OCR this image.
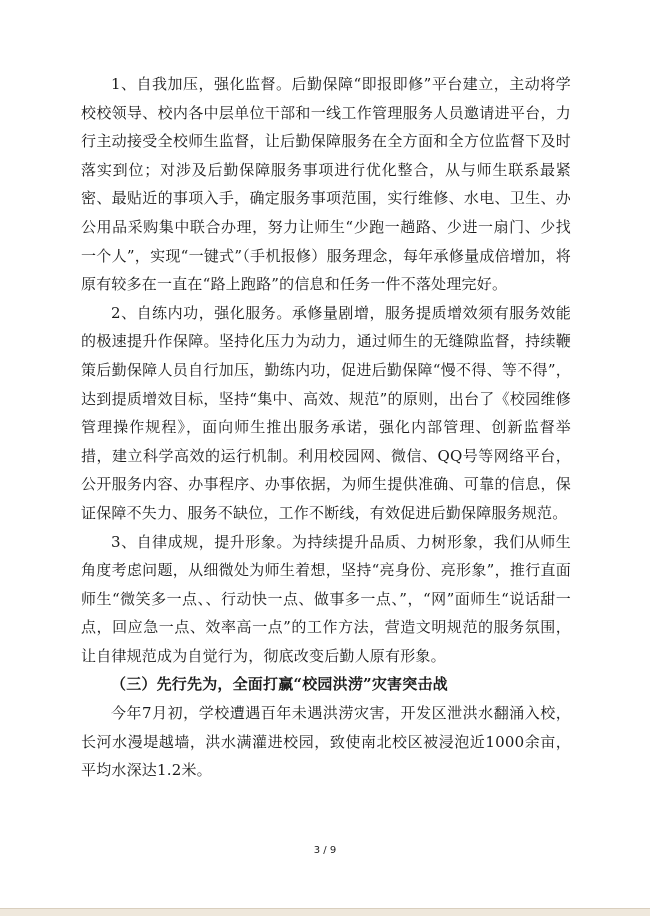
1、自我加压，强化监督。后勤保障“即报即修”平台建立，主动将学校校领导、校内各中层单位干部和一线工作管理服务人员邀请进平台，力行主动接受全校师生监督，让后勤保障服务在全方面和全方位监督下及时落实到位；对涉及后勤保障服务事项进行优化整合，从与师生联系最紧密、最贴近的事项入手，确定服务事项范围，实行维修、水电、卫生、办公用品采购集中联合办理，努力让师生“少跑一趟路、少进一扇门、少找一个人”，实现“一键式”（手机报修）服务理念，每年承修量成倍增加，将原有较多在一直在“路上跑路”的信息和任务一件不落处理完好。

2、自练内功，强化服务。承修量剧增，服务提质增效须有服务效能的极速提升作保障。坚持化压力为动力，通过师生的无缝隙监督，持续鞭策后勤保障人员自行加压，勤练内功，促进后勤保障“慢不得、等不得”，达到提质增效目标，坚持“集中、高效、规范”的原则，出台了《校园维修管理操作规程》，面向师生推出服务承诺，强化内部管理、创新监督举措，建立科学高效的运行机制。利用校园网、微信、QQ号等网络平台，公开服务内容、办事程序、办事依据，为师生提供准确、可靠的信息，保证保障不失力、服务不缺位，工作不断线，有效促进后勤保障服务规范。

3、自律成规，提升形象。为持续提升品质、力树形象，我们从师生角度考虑问题，从细微处为师生着想，坚持“亮身份、亮形象”，推行直面师生“微笑多一点、、行动快一点、做事多一点、”，“网”面师生“说话甜一点，回应急一点、效率高一点”的工作方法，营造文明规范的服务氛围，让自律规范成为自觉行为，彻底改变后勤人原有形象。

（三）先行先为，全面打赢“校园洪涝”灾害突击战

今年7月初，学校遭遇百年未遇洪涝灾害，开发区泄洪水翻涌入校，长河水漫堤越墙，洪水满灌进校园，致使南北校区被浸泡近1000余亩，平均水深达1.2米。

3 / 9
